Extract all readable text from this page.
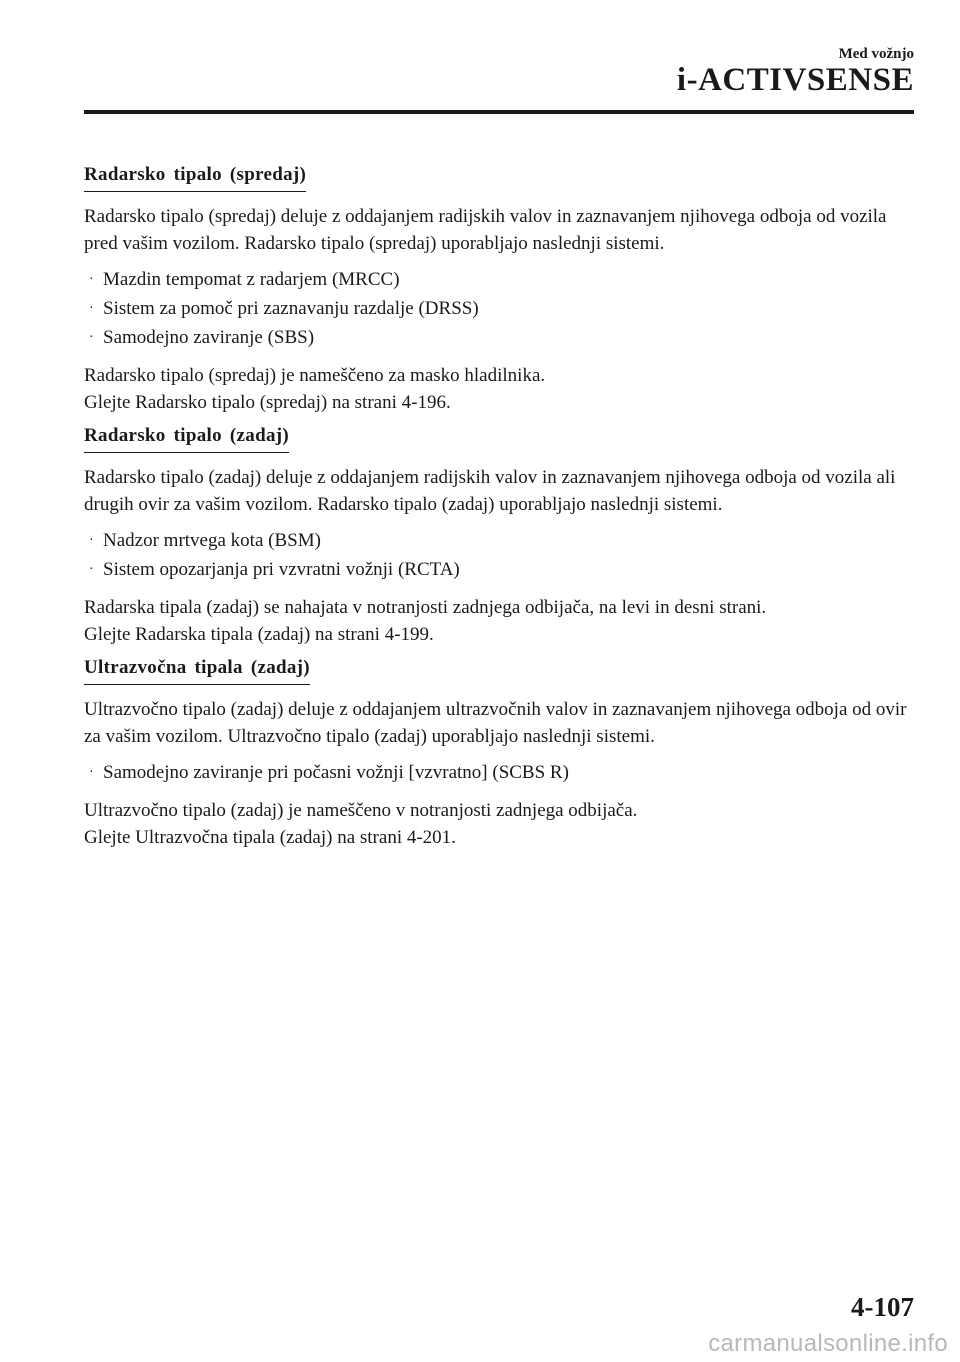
Med vožnjo
i-ACTIVSENSE
Radarsko tipalo (spredaj)

Radarsko tipalo (spredaj) deluje z oddajanjem radijskih valov in zaznavanjem njihovega odboja od vozila pred vašim vozilom. Radarsko tipalo (spredaj) uporabljajo naslednji sistemi.

· Mazdin tempomat z radarjem (MRCC)
· Sistem za pomoč pri zaznavanju razdalje (DRSS)
· Samodejno zaviranje (SBS)

Radarsko tipalo (spredaj) je nameščeno za masko hladilnika.
Glejte Radarsko tipalo (spredaj) na strani 4-196.

Radarsko tipalo (zadaj)

Radarsko tipalo (zadaj) deluje z oddajanjem radijskih valov in zaznavanjem njihovega odboja od vozila ali drugih ovir za vašim vozilom. Radarsko tipalo (zadaj) uporabljajo naslednji sistemi.

· Nadzor mrtvega kota (BSM)
· Sistem opozarjanja pri vzvratni vožnji (RCTA)

Radarska tipala (zadaj) se nahajata v notranjosti zadnjega odbijača, na levi in desni strani.
Glejte Radarska tipala (zadaj) na strani 4-199.

Ultrazvočna tipala (zadaj)

Ultrazvočno tipalo (zadaj) deluje z oddajanjem ultrazvočnih valov in zaznavanjem njihovega odboja od ovir za vašim vozilom. Ultrazvočno tipalo (zadaj) uporabljajo naslednji sistemi.

· Samodejno zaviranje pri počasni vožnji [vzvratno] (SCBS R)

Ultrazvočno tipalo (zadaj) je nameščeno v notranjosti zadnjega odbijača.
Glejte Ultrazvočna tipala (zadaj) na strani 4-201.

4-107
carmanualsonline.info
